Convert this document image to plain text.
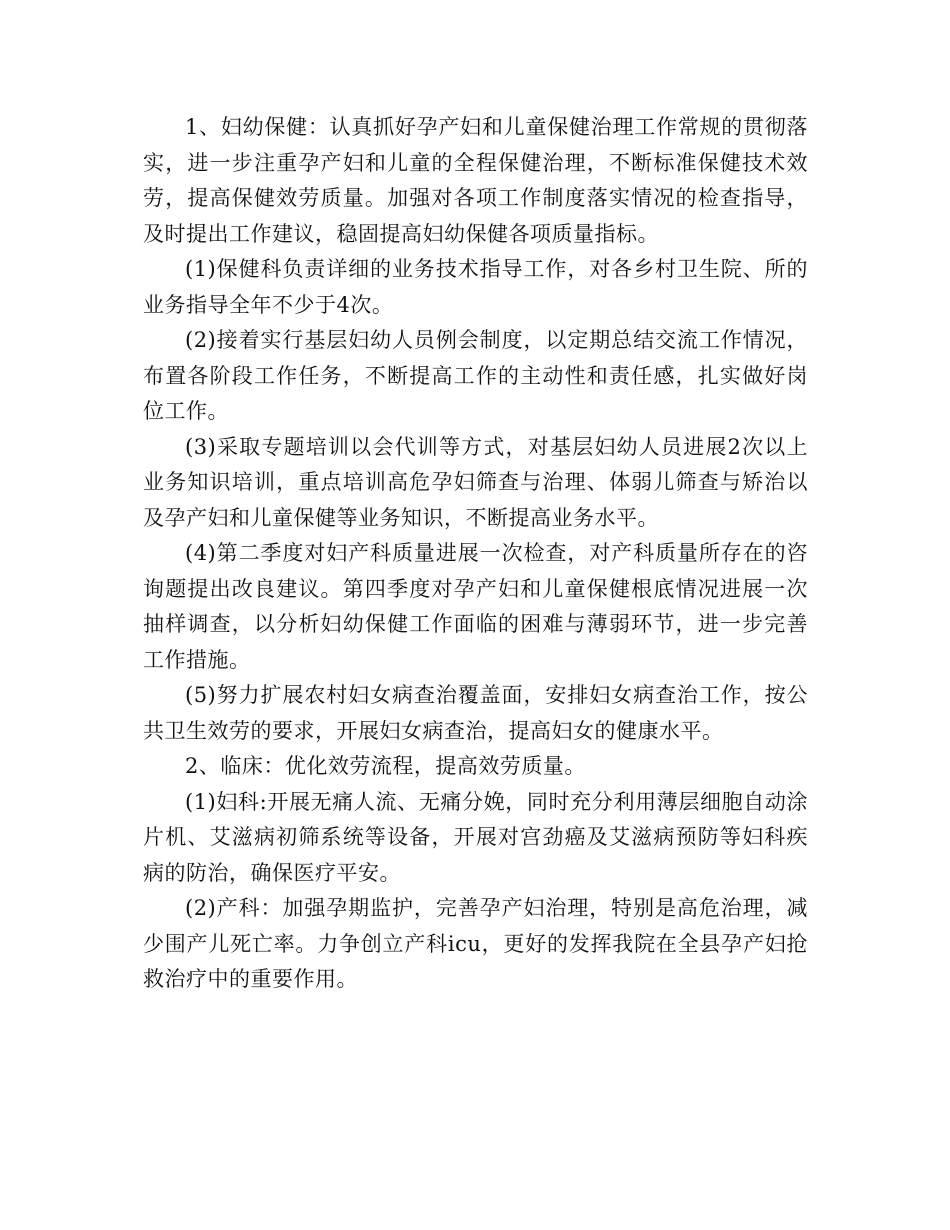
1、妇幼保健：认真抓好孕产妇和儿童保健治理工作常规的贯彻落实，进一步注重孕产妇和儿童的全程保健治理，不断标准保健技术效劳，提高保健效劳质量。加强对各项工作制度落实情况的检查指导，及时提出工作建议，稳固提高妇幼保健各项质量指标。

(1)保健科负责详细的业务技术指导工作，对各乡村卫生院、所的业务指导全年不少于4次。

(2)接着实行基层妇幼人员例会制度，以定期总结交流工作情况，布置各阶段工作任务，不断提高工作的主动性和责任感，扎实做好岗位工作。

(3)采取专题培训以会代训等方式，对基层妇幼人员进展2次以上业务知识培训，重点培训高危孕妇筛查与治理、体弱儿筛查与矫治以及孕产妇和儿童保健等业务知识，不断提高业务水平。

(4)第二季度对妇产科质量进展一次检查，对产科质量所存在的咨询题提出改良建议。第四季度对孕产妇和儿童保健根底情况进展一次抽样调查，以分析妇幼保健工作面临的困难与薄弱环节，进一步完善工作措施。

(5)努力扩展农村妇女病查治覆盖面，安排妇女病查治工作，按公共卫生效劳的要求，开展妇女病查治，提高妇女的健康水平。

2、临床：优化效劳流程，提高效劳质量。

(1)妇科:开展无痛人流、无痛分娩，同时充分利用薄层细胞自动涂片机、艾滋病初筛系统等设备，开展对宫劲癌及艾滋病预防等妇科疾病的防治，确保医疗平安。

(2)产科：加强孕期监护，完善孕产妇治理，特别是高危治理，减少围产儿死亡率。力争创立产科icu，更好的发挥我院在全县孕产妇抢救治疗中的重要作用。
